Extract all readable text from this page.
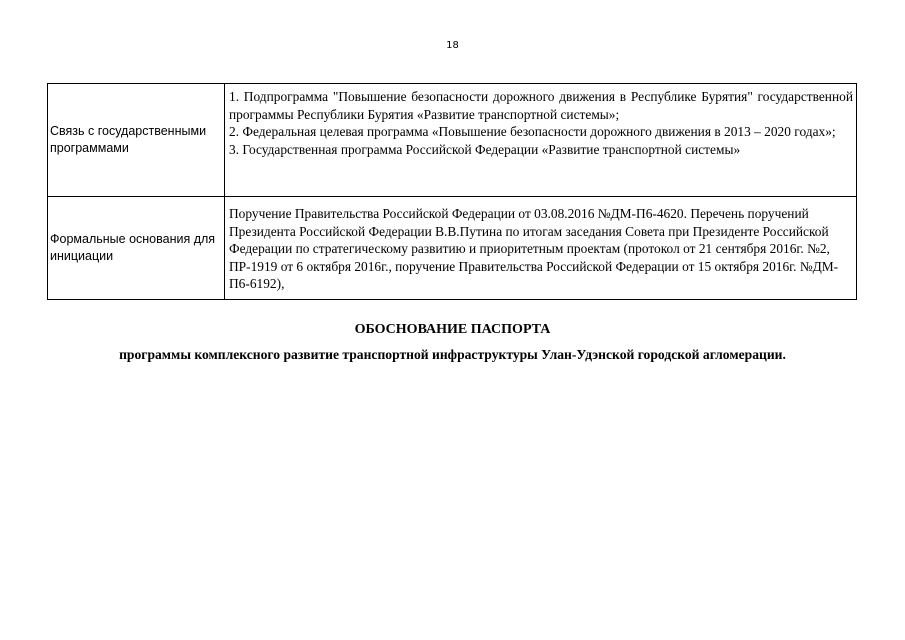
18
Связь с государственными программами	1. Подпрограмма "Повышение безопасности дорожного движения в Республике Бурятия" государственной программы Республики Бурятия «Развитие транспортной системы»;
2. Федеральная целевая программа «Повышение безопасности дорожного движения в 2013 – 2020 годах»;
3. Государственная программа Российской Федерации «Развитие транспортной системы»

Формальные основания для инициации	Поручение Правительства Российской Федерации от 03.08.2016 №ДМ-П6-4620. Перечень поручений Президента Российской Федерации В.В.Путина по итогам заседания Совета при Президенте Российской Федерации по стратегическому развитию и приоритетным проектам (протокол от 21 сентября 2016г. №2, ПР-1919 от 6 октября 2016г., поручение Правительства Российской Федерации от 15 октября 2016г. №ДМ-П6-6192),
ОБОСНОВАНИЕ ПАСПОРТА
программы комплексного развитие транспортной инфраструктуры Улан-Удэнской городской агломерации.
